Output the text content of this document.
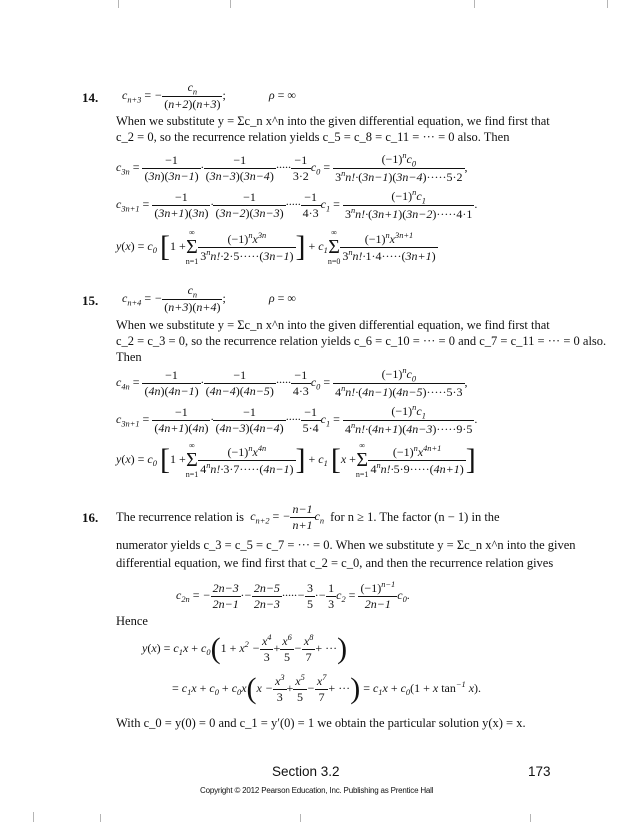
14. $c_{n+3}$ = − $\frac{c_n}{(n+2)(n+3)}$ ;	ρ = ∞
When we substitute y = Σc_n x^n into the given differential equation, we find first that
c_2 = 0, so the recurrence relation yields c_5 = c_8 = c_11 = ··· = 0 also. Then
$c_{3n} = \frac{-1}{(3n)(3n-1)} \cdot \frac{-1}{(3n-3)(3n-4)}$ ····· $\frac{-1}{3\cdot 2} c_0 = \frac{(-1)^nc_0}{3^nn!\cdot(3n-1)(3n-4)\cdot\cdot\cdot\cdot\cdot 5\cdot 2}$ ,
$c_{3n+1} = \frac{-1}{(3n+1)(3n)} \cdot \frac{-1}{(3n-2)(3n-3)}$ ····· $\frac{-1}{4\cdot 3} c_1 = \frac{(-1)^nc_1}{3^nn!\cdot(3n+1)(3n-2)\cdot\cdot\cdot\cdot\cdot 4\cdot 1}$ .
$y(x) = c_0$ [1 +
∞
Σ
$n=1 \frac{(-1)^nx^{3n}}{3^nn!\cdot 2\cdot 5\cdot\cdot\cdot\cdot\cdot(3n-1)}$ ] + $c_1$
∞
Σ
$n=0 \frac{(-1)^nx^{3n+1}}{3^nn!\cdot 1\cdot 4\cdot\cdot\cdot\cdot\cdot(3n+1)}$
15. $c_{n+4}$ = − $\frac{c_n}{(n+3)(n+4)}$ ;	ρ = ∞
When we substitute y = Σc_n x^n into the given differential equation, we find first that
c_2 = c_3 = 0, so the recurrence relation yields c_6 = c_10 = ··· = 0 and c_7 = c_11 = ··· = 0 also.
Then
$c_{4n} = \frac{-1}{(4n)(4n-1)} \cdot \frac{-1}{(4n-4)(4n-5)}$ ····· $\frac{-1}{4\cdot 3} c_0 = \frac{(-1)^nc_0}{4^nn!\cdot(4n-1)(4n-5)\cdot\cdot\cdot\cdot\cdot 5\cdot 3}$ ,
$c_{3n+1} = \frac{-1}{(4n+1)(4n)} \cdot \frac{-1}{(4n-3)(4n-4)}$ ····· $\frac{-1}{5\cdot 4} c_1 = \frac{(-1)^nc_1}{4^nn!\cdot(4n+1)(4n-3)\cdot\cdot\cdot\cdot\cdot 9\cdot 5}$ .
$y(x) = c_0$ [1 +
∞
Σ
$n=1 \frac{(-1)^nx^{4n}}{4^nn!\cdot 3\cdot 7\cdot\cdot\cdot\cdot\cdot(4n-1)}$ ] + $c_1$ [x +
∞
Σ
$n=1 \frac{(-1)^nx^{4n+1}}{4^nn!\cdot 5\cdot 9\cdot\cdot\cdot\cdot\cdot(4n+1)}$ ]
16. The recurrence relation is  $c_{n+2}$ = − $\frac{n-1}{n+1} c_n$ for n ≥ 1. The factor (n − 1) in the
numerator yields c_3 = c_5 = c_7 = ··· = 0. When we substitute y = Σc_n x^n into the given
differential equation, we find first that c_2 = c_0, and then the recurrence relation gives
$c_{2n}$ = − $\frac{2n-3}{2n-1} \cdot- \frac{2n-5}{2n-3}$ ·····− $\frac{3}{5} \cdot- \frac{1}{3} c_2 = \frac{(-1)^{n-1}}{2n-1} c_0$.
Hence
$y(x) = c_1x + c_0(1 + x^2 - \frac{x^4}{3} + \frac{x^6}{5} - \frac{x^8}{7}$ + ···)
= $c_1x + c_0 + c_0x(x - \frac{x^3}{3} + \frac{x^5}{5} - \frac{x^7}{7}$ + ···) = $c_1x + c_0(1 + x$ $\tan^{-1} x$).
With c_0 = y(0) = 0 and c_1 = y′(0) = 1 we obtain the particular solution y(x) = x.
Section 3.2	173
Copyright © 2012 Pearson Education, Inc. Publishing as Prentice Hall
